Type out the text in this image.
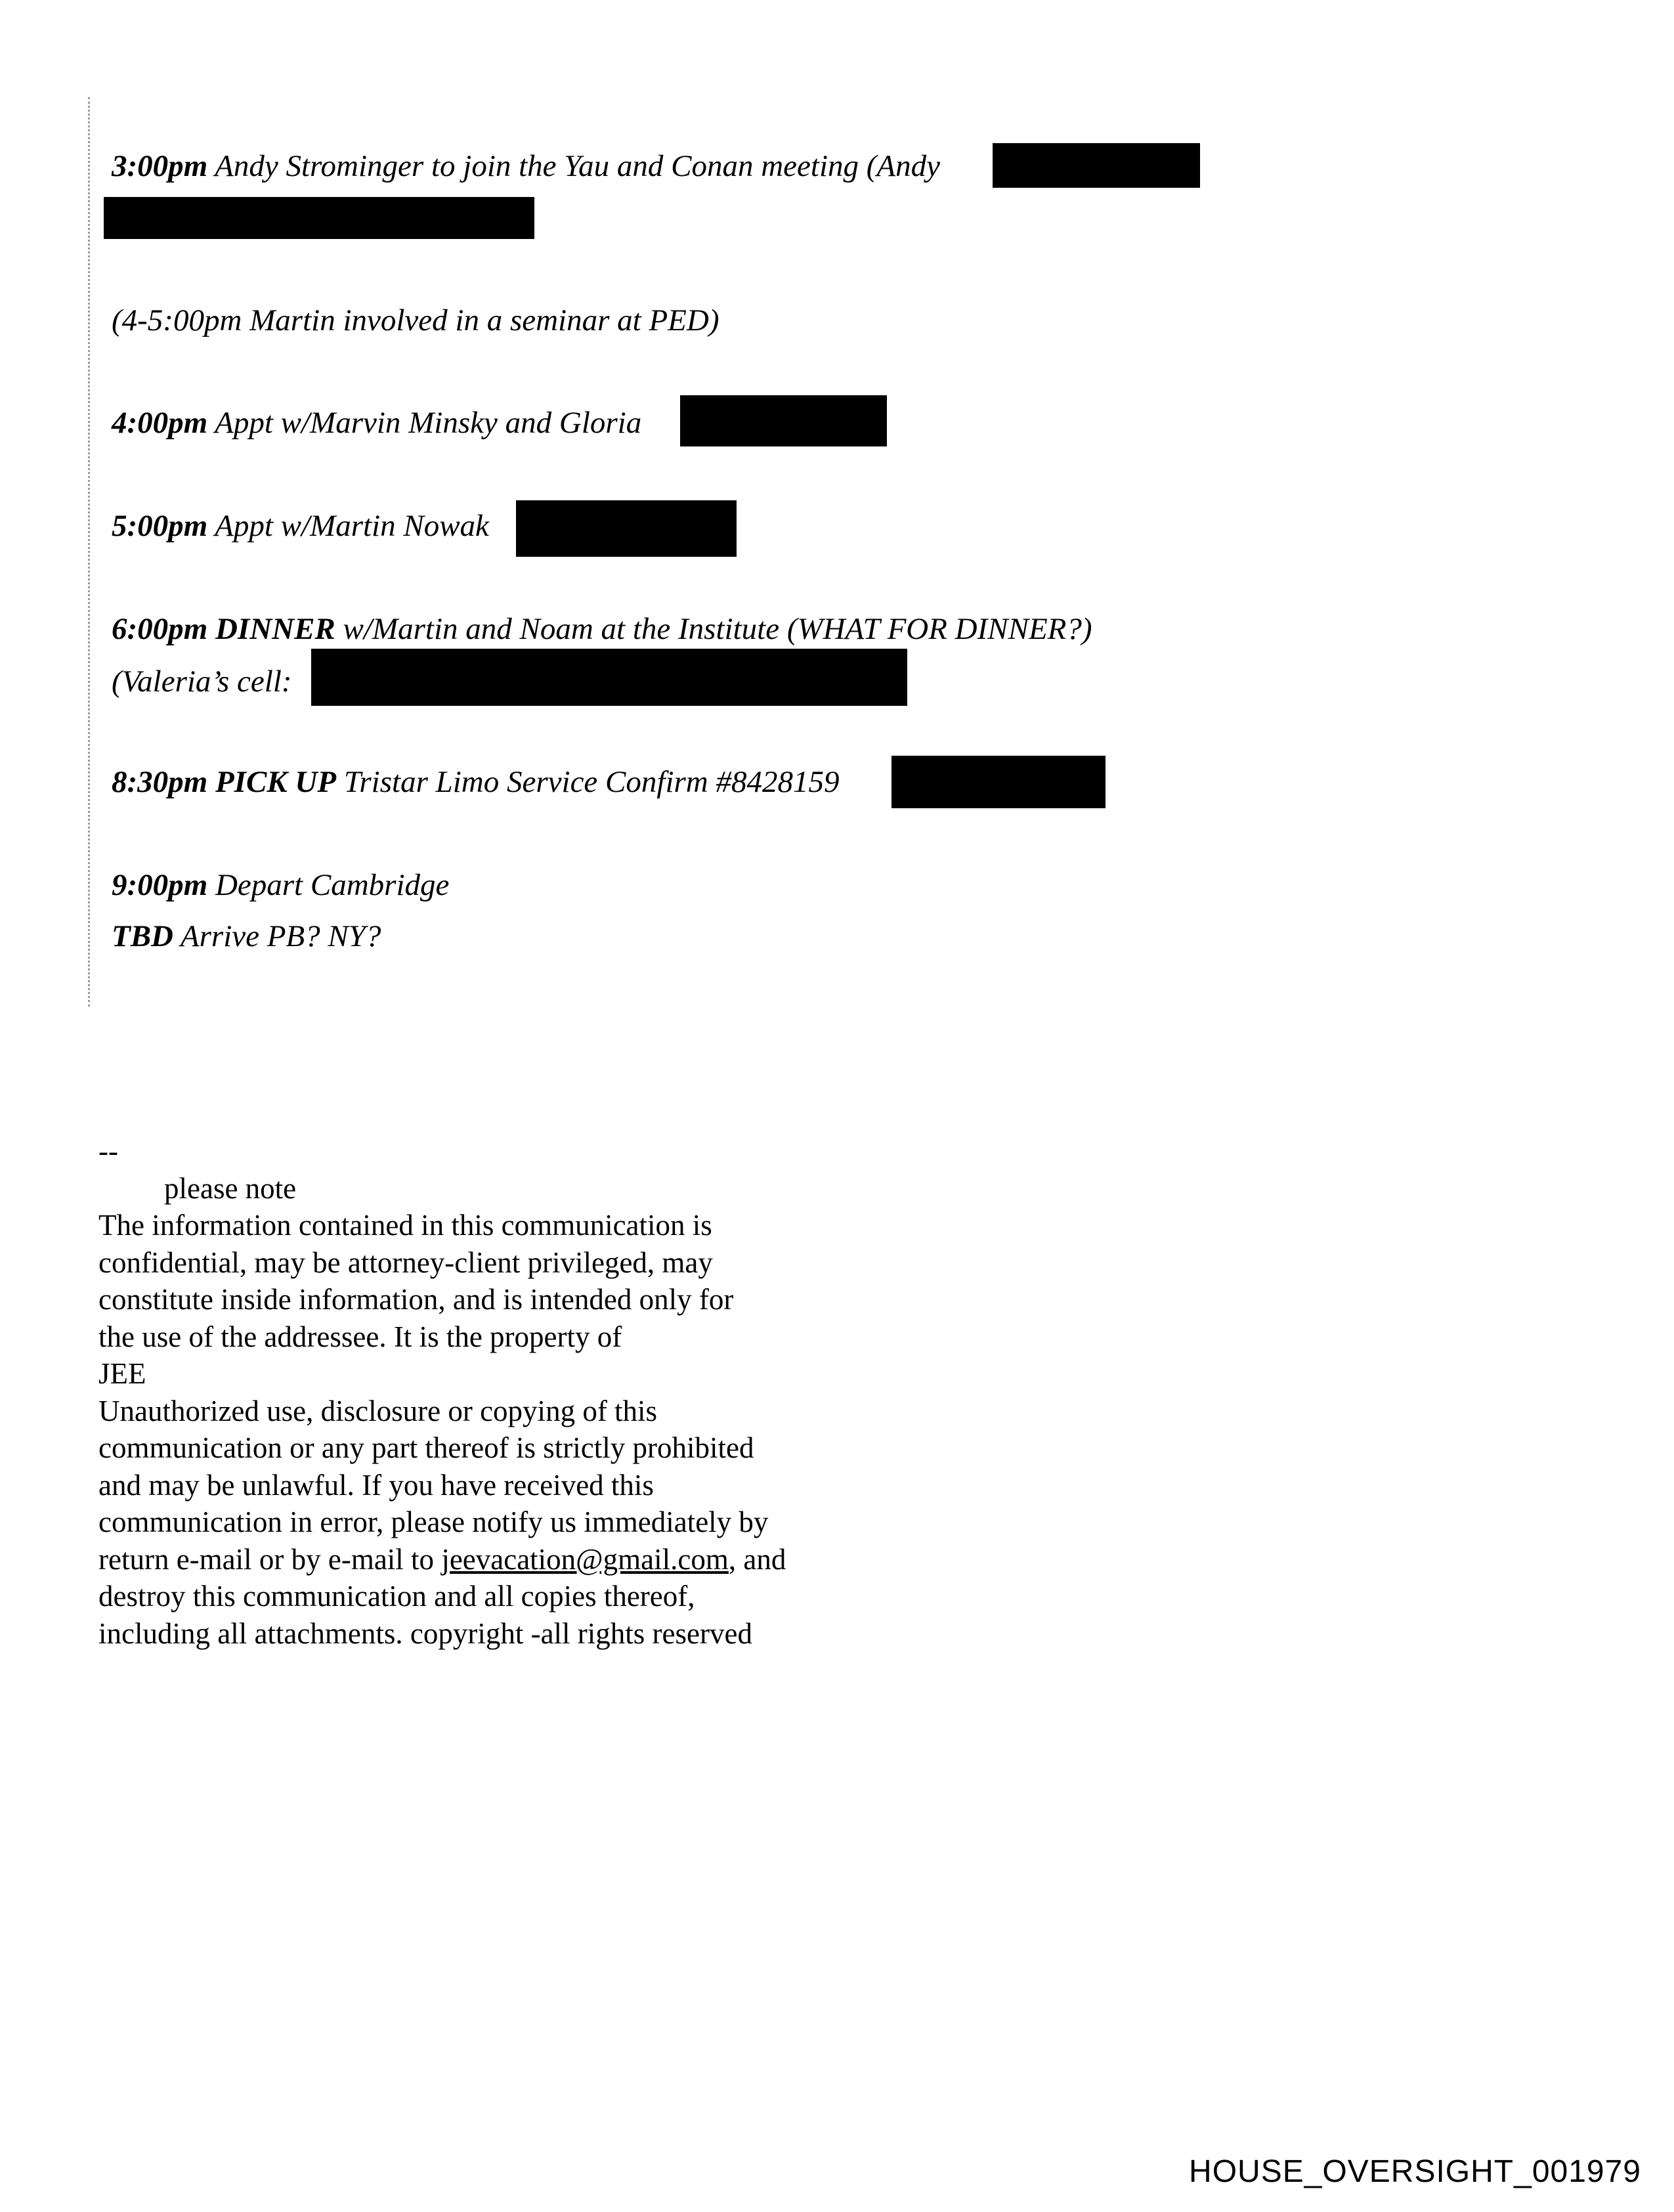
3:00pm Andy Strominger to join the Yau and Conan meeting (Andy
(4-5:00pm Martin involved in a seminar at PED)
4:00pm Appt w/Marvin Minsky and Gloria
5:00pm Appt w/Martin Nowak
6:00pm DINNER w/Martin and Noam at the Institute (WHAT FOR DINNER?)
(Valeria’s cell:
8:30pm PICK UP Tristar Limo Service Confirm #8428159
9:00pm Depart Cambridge
TBD Arrive PB? NY?
--
please note
The information contained in this communication is
confidential, may be attorney-client privileged, may
constitute inside information, and is intended only for
the use of the addressee. It is the property of
JEE
Unauthorized use, disclosure or copying of this
communication or any part thereof is strictly prohibited
and may be unlawful. If you have received this
communication in error, please notify us immediately by
return e-mail or by e-mail to jeevacation@gmail.com, and
destroy this communication and all copies thereof,
including all attachments. copyright -all rights reserved
HOUSE_OVERSIGHT_001979
